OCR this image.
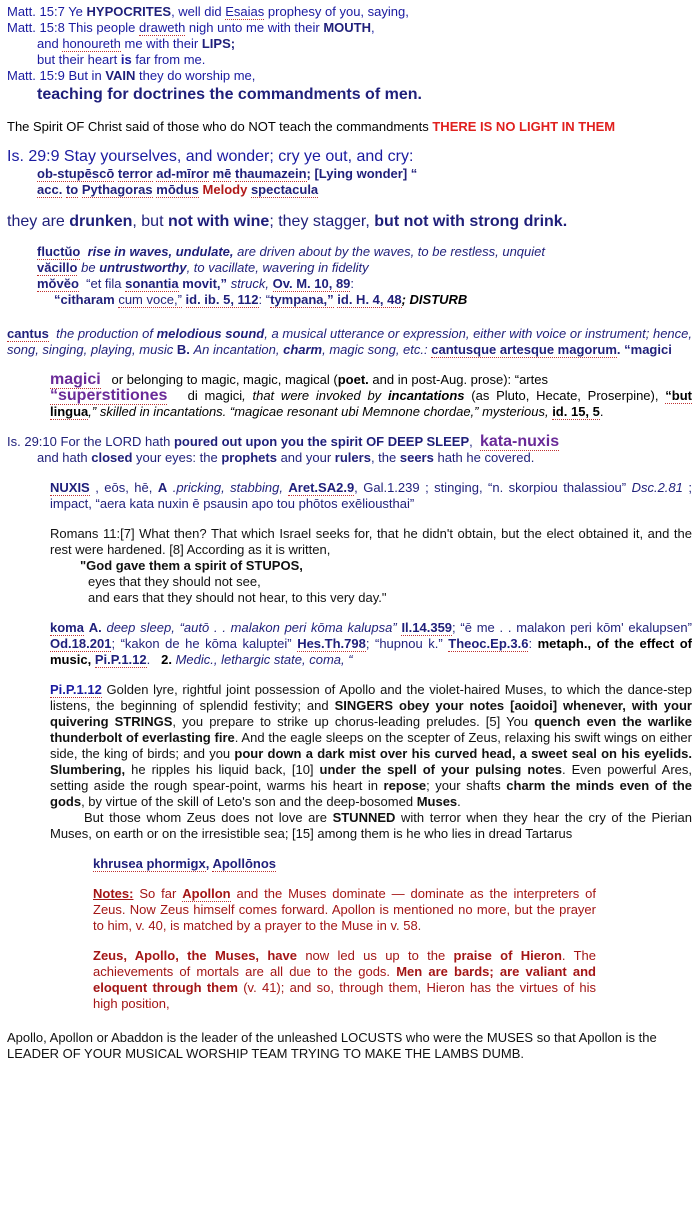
Matt. 15:7 Ye HYPOCRITES, well did Esaias prophesy of you, saying,
Matt. 15:8 This people draweth nigh unto me with their MOUTH,
and honoureth me with their LIPS;
but their heart is far from me.
Matt. 15:9 But in VAIN they do worship me,
teaching for doctrines the commandments of men.
The Spirit OF Christ said of those who do NOT teach the commandments THERE IS NO LIGHT IN THEM
Is. 29:9 Stay yourselves, and wonder; cry ye out, and cry:
ob-stupēscō terror ad-mīror mē thaumazein; [Lying wonder] “
acc. to Pythagoras mōdus Melody spectacula
they are drunken, but not with wine; they stagger, but not with strong drink.
fluctŭo rise in waves, undulate, are driven about by the waves, to be restless, unquiet
văcillo be untrustworthy, to vacillate, wavering in fidelity
mŏvĕo “et fila sonantia movit,” struck, Ov. M. 10, 89:
“citharam cum voce,” id. ib. 5, 112: “tympana,” id. H. 4, 48; DISTURB
cantus the production of melodious sound, a musical utterance or expression, either with voice or instrument; hence, song, singing, playing, music B. An incantation, charm, magic song, etc.: cantusque artesque magorum. “magici
magici or belonging to magic, magic, magical (poet. and in post-Aug. prose): “artes
“superstitiones di magici, that were invoked by incantations (as Pluto, Hecate, Proserpine), “but lingua,” skilled in incantations. “magicae resonant ubi Memnone chordae,” mysterious, id. 15, 5.
Is. 29:10 For the LORD hath poured out upon you the spirit OF DEEP SLEEP, kata-nuxis
and hath closed your eyes: the prophets and your rulers, the seers hath he covered.
NUXIS , eōs, hē, A .pricking, stabbing, Aret.SA2.9, Gal.1.239 ; stinging, “n. skorpiou thalassiou” Dsc.2.81 ; impact, “aera kata nuxin ē psausin apo tou phōtos exēliousthai”
Romans 11:[7] What then? That which Israel seeks for, that he didn't obtain, but the elect obtained it, and the rest were hardened. [8] According as it is written,
"God gave them a spirit of STUPOS,
eyes that they should not see,
and ears that they should not hear, to this very day."
koma A. deep sleep, “autō . . malakon peri kōma kalupsa” Il.14.359; “ē me . . malakon peri kōm' ekalupsen” Od.18.201; “kakon de he kōma kaluptei” Hes.Th.798; “hupnou k.” Theoc.Ep.3.6: metaph., of the effect of music, Pi.P.1.12. 2. Medic., lethargic state, coma, “
Pi.P.1.12 Golden lyre, rightful joint possession of Apollo and the violet-haired Muses, to which the dance-step listens, the beginning of splendid festivity; and SINGERS obey your notes [aoidoi] whenever, with your quivering STRINGS, you prepare to strike up chorus-leading preludes. [5] You quench even the warlike thunderbolt of everlasting fire. And the eagle sleeps on the scepter of Zeus, relaxing his swift wings on either side, the king of birds; and you pour down a dark mist over his curved head, a sweet seal on his eyelids. Slumbering, he ripples his liquid back, [10] under the spell of your pulsing notes. Even powerful Ares, setting aside the rough spear-point, warms his heart in repose; your shafts charm the minds even of the gods, by virtue of the skill of Leto's son and the deep-bosomed Muses.
But those whom Zeus does not love are STUNNED with terror when they hear the cry of the Pierian Muses, on earth or on the irresistible sea; [15] among them is he who lies in dread Tartarus
khrusea phormigx, Apollōnos
Notes: So far Apollon and the Muses dominate — dominate as the interpreters of Zeus. Now Zeus himself comes forward. Apollon is mentioned no more, but the prayer to him, v. 40, is matched by a prayer to the Muse in v. 58.
Zeus, Apollo, the Muses, have now led us up to the praise of Hieron. The achievements of mortals are all due to the gods. Men are bards; are valiant and eloquent through them (v. 41); and so, through them, Hieron has the virtues of his high position,
Apollo, Apollon or Abaddon is the leader of the unleashed LOCUSTS who were the MUSES so that Apollon is the LEADER OF YOUR MUSICAL WORSHIP TEAM TRYING TO MAKE THE LAMBS DUMB.
